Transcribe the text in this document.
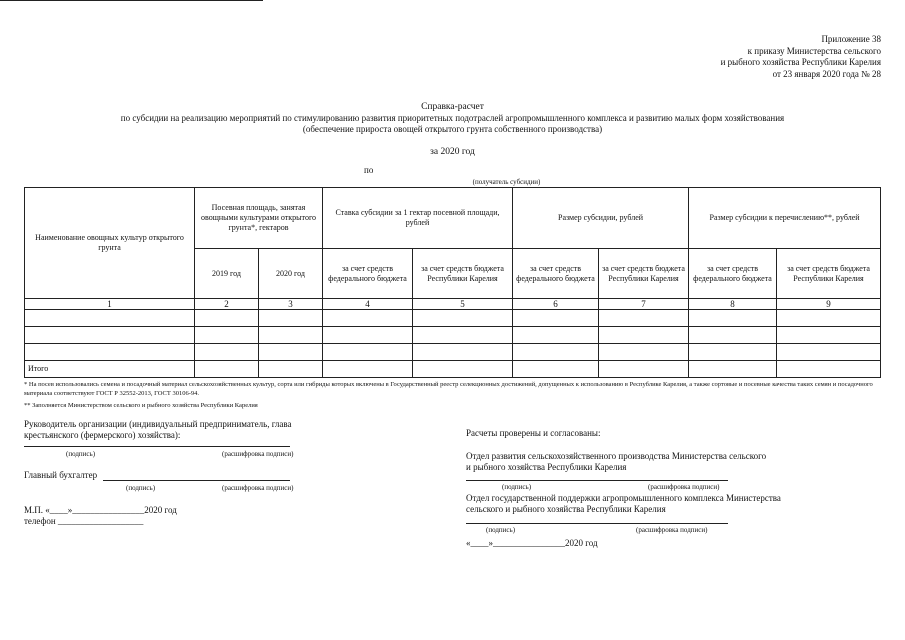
Приложение 38
к приказу Министерства сельского
и рыбного хозяйства Республики Карелия
от 23 января 2020 года № 28
Справка-расчет
по субсидии на реализацию мероприятий по стимулированию развития приоритетных подотраслей агропромышленного комплекса и развитию малых форм хозяйствования
(обеспечение прироста овощей открытого грунта собственного производства)
за 2020 год
по
(получатель субсидии)
Наименование овощных культур открытого грунта	Посевная площадь, занятая овощными культурами открытого грунта*, гектаров		Ставка субсидии за 1 гектар посевной площади, рублей		Размер субсидии, рублей		Размер субсидии к перечислению**, рублей	
	2019 год	2020 год	за счет средств федерального бюджета	за счет средств бюджета Республики Карелия	за счет средств федерального бюджета	за счет средств бюджета Республики Карелия	за счет средств федерального бюджета	за счет средств бюджета Республики Карелия
1	2	3	4	5	6	7	8	9

Итого								
* На посев использовались семена и посадочный материал сельскохозяйственных культур, сорта или гибриды которых включены в Государственный реестр селекционных достижений, допущенных к использованию в Республике Карелия, а также сортовые и посевные качества таких семян и посадочного материала соответствуют ГОСТ Р 32552-2013, ГОСТ 30106-94.
** Заполняется Министерством сельского и рыбного хозяйства Республики Карелия
Руководитель организации (индивидуальный предприниматель, глава
крестьянского (фермерского) хозяйства):
(подпись)	(расшифровка подписи)
Главный бухгалтер
(подпись)	(расшифровка подписи)
М.П. «____»________________2020 год
телефон ___________________
Расчеты проверены и согласованы:
Отдел развития сельскохозяйственного производства Министерства сельского
и рыбного хозяйства Республики Карелия
(подпись)	(расшифровка подписи)
Отдел государственной поддержки агропромышленного комплекса Министерства
сельского и рыбного хозяйства Республики Карелия
(подпись)	(расшифровка подписи)
«____»________________2020 год
